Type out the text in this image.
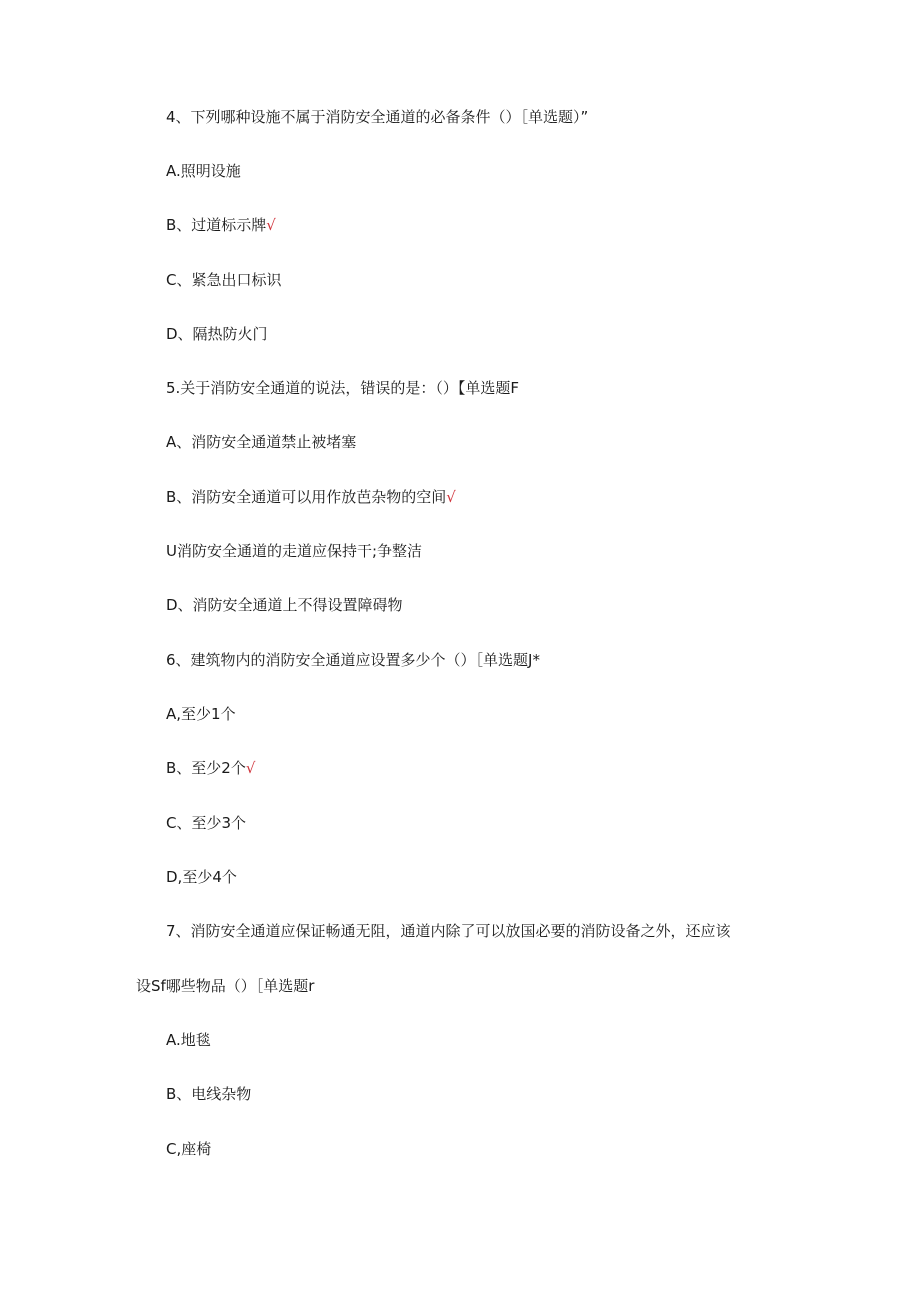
4、下列哪种设施不属于消防安全通道的必备条件（）［单选题）”
A.照明设施
B、过道标示牌√
C、紧急出口标识
D、隔热防火门
5.关于消防安全通道的说法，错误的是：（）【单选题F
A、消防安全通道禁止被堵塞
B、消防安全通道可以用作放芭杂物的空间√
U消防安全通道的走道应保持干;争整洁
D、消防安全通道上不得设置障碍物
6、建筑物内的消防安全通道应设置多少个（）［单选题J*
A,至少1个
B、至少2个√
C、至少3个
D,至少4个
7、消防安全通道应保证畅通无阻，通道内除了可以放国必要的消防设备之外，还应该
设Sf哪些物品（）［单选题r
A.地毯
B、电线杂物
C,座椅
